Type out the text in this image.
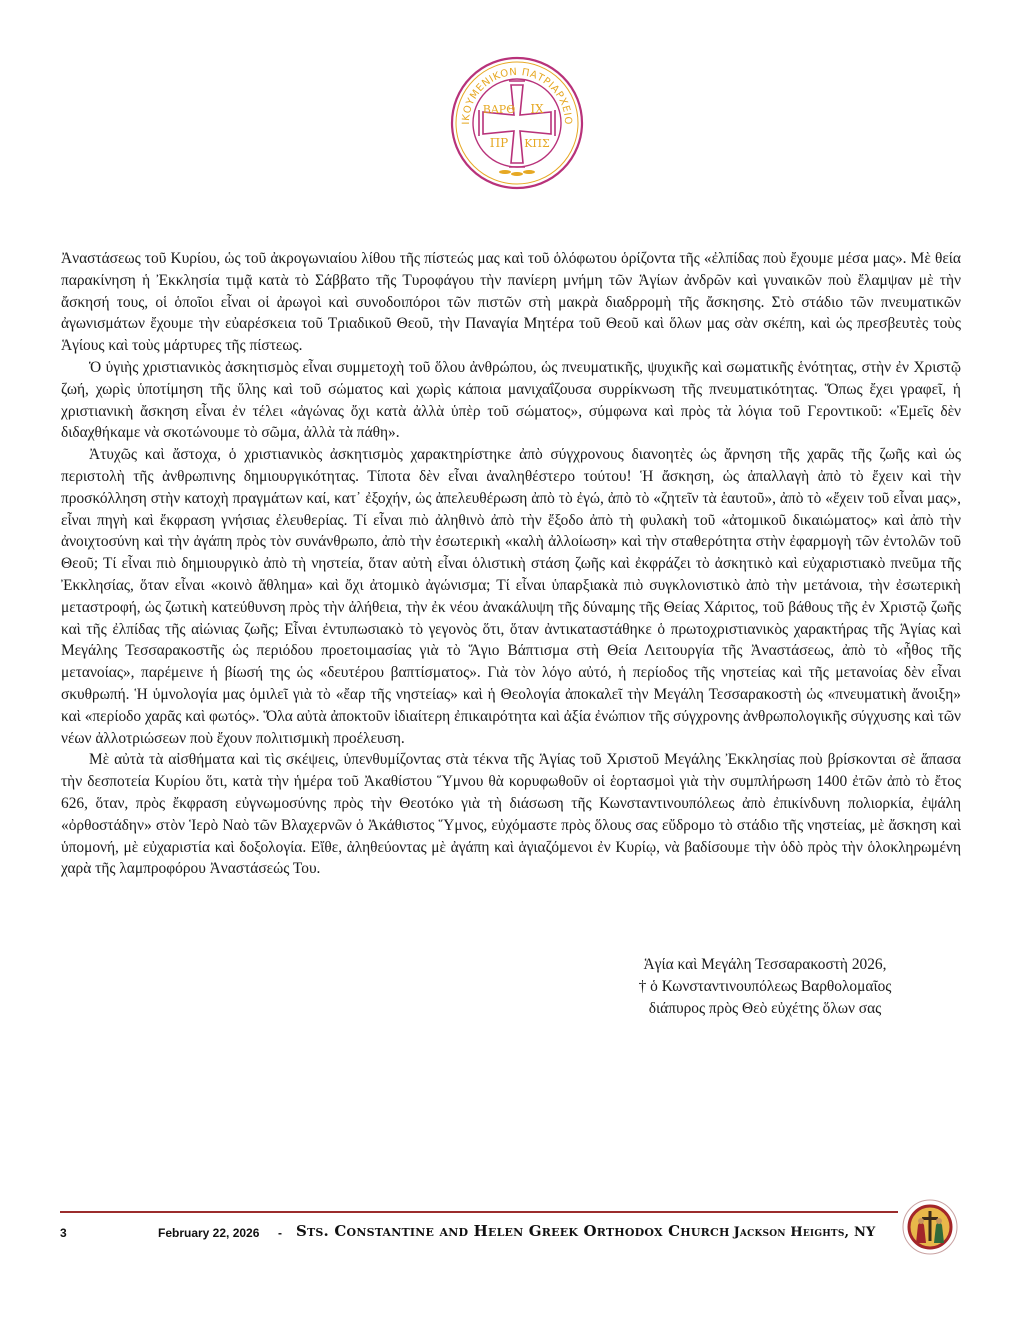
ΙΚΟΥΜΕΝΙΚΟΝ ΠΑΤΡΙΑΡΧΕΙΟ
ΒΑΡΘ ΙΧ
ΠΡ ΚΠΣ

Ἀναστάσεως τοῦ Κυρίου, ὡς τοῦ ἀκρογωνιαίου λίθου τῆς πίστεώς μας καὶ τοῦ ὁλόφωτου ὁρίζοντα τῆς «ἐλπίδας ποὺ ἔχουμε μέσα μας». Μὲ θεία παρακίνηση ἡ Ἐκκλησία τιμᾷ κατὰ τὸ Σάββατο τῆς Τυροφάγου τὴν πανίερη μνήμη τῶν Ἁγίων ἀνδρῶν καὶ γυναικῶν ποὺ ἔλαμψαν μὲ τὴν ἄσκησή τους, οἱ ὁποῖοι εἶναι οἱ ἀρωγοὶ καὶ συνοδοιπόροι τῶν πιστῶν στὴ μακρὰ διαδρρομὴ τῆς ἄσκησης. Στὸ στάδιο τῶν πνευματικῶν ἀγωνισμάτων ἔχουμε τὴν εὐαρέσκεια τοῦ Τριαδικοῦ Θεοῦ, τὴν Παναγία Μητέρα τοῦ Θεοῦ καὶ ὅλων μας σὰν σκέπη, καὶ ὡς πρεσβευτὲς τοὺς Ἁγίους καὶ τοὺς μάρτυρες τῆς πίστεως.

Ὁ ὑγιὴς χριστιανικὸς ἀσκητισμὸς εἶναι συμμετοχὴ τοῦ ὅλου ἀνθρώπου, ὡς πνευματικῆς, ψυχικῆς καὶ σωματικῆς ἑνότητας, στὴν ἐν Χριστῷ ζωή, χωρὶς ὑποτίμηση τῆς ὕλης καὶ τοῦ σώματος καὶ χωρὶς κάποια μανιχαΐζουσα συρρίκνωση τῆς πνευματικότητας. Ὅπως ἔχει γραφεῖ, ἡ χριστιανικὴ ἄσκηση εἶναι ἐν τέλει «ἀγώνας ὄχι κατὰ ἀλλὰ ὑπὲρ τοῦ σώματος», σύμφωνα καὶ πρὸς τὰ λόγια τοῦ Γεροντικοῦ: «Ἐμεῖς δὲν διδαχθήκαμε νὰ σκοτώνουμε τὸ σῶμα, ἀλλὰ τὰ πάθη».

Ἀτυχῶς καὶ ἄστοχα, ὁ χριστιανικὸς ἀσκητισμὸς χαρακτηρίστηκε ἀπὸ σύγχρονους διανοητὲς ὡς ἄρνηση τῆς χαρᾶς τῆς ζωῆς καὶ ὡς περιστολὴ τῆς ἀνθρωπινης δημιουργικότητας. Τίποτα δὲν εἶναι ἀναληθέστερο τούτου! Ἡ ἄσκηση, ὡς ἀπαλλαγὴ ἀπὸ τὸ ἔχειν καὶ τὴν προσκόλληση στὴν κατοχὴ πραγμάτων καί, κατ᾽ ἐξοχήν, ὡς ἀπελευθέρωση ἀπὸ τὸ ἐγώ, ἀπὸ τὸ «ζητεῖν τὰ ἑαυτοῦ», ἀπὸ τὸ «ἔχειν τοῦ εἶναι μας», εἶναι πηγὴ καὶ ἔκφραση γνήσιας ἐλευθερίας. Τί εἶναι πιὸ ἀληθινὸ ἀπὸ τὴν ἔξοδο ἀπὸ τὴ φυλακὴ τοῦ «ἀτομικοῦ δικαιώματος» καὶ ἀπὸ τὴν ἀνοιχτοσύνη καὶ τὴν ἀγάπη πρὸς τὸν συνάνθρωπο, ἀπὸ τὴν ἐσωτερικὴ «καλὴ ἀλλοίωση» καὶ τὴν σταθερότητα στὴν ἐφαρμογὴ τῶν ἐντολῶν τοῦ Θεοῦ; Τί εἶναι πιὸ δημιουργικὸ ἀπὸ τὴ νηστεία, ὅταν αὐτὴ εἶναι ὁλιστικὴ στάση ζωῆς καὶ ἐκφράζει τὸ ἀσκητικὸ καὶ εὐχαριστιακὸ πνεῦμα τῆς Ἐκκλησίας, ὅταν εἶναι «κοινὸ ἄθλημα» καὶ ὄχι ἀτομικὸ ἀγώνισμα; Τί εἶναι ὑπαρξιακὰ πιὸ συγκλονιστικὸ ἀπὸ τὴν μετάνοια, τὴν ἐσωτερικὴ μεταστροφή, ὡς ζωτικὴ κατεύθυνση πρὸς τὴν ἀλήθεια, τὴν ἐκ νέου ἀνακάλυψη τῆς δύναμης τῆς Θείας Χάριτος, τοῦ βάθους τῆς ἐν Χριστῷ ζωῆς καὶ τῆς ἐλπίδας τῆς αἰώνιας ζωῆς; Εἶναι ἐντυπωσιακὸ τὸ γεγονὸς ὅτι, ὅταν ἀντικαταστάθηκε ὁ πρωτοχριστιανικὸς χαρακτήρας τῆς Ἁγίας καὶ Μεγάλης Τεσσαρακοστῆς ὡς περιόδου προετοιμασίας γιὰ τὸ Ἅγιο Βάπτισμα στὴ Θεία Λειτουργία τῆς Ἀναστάσεως, ἀπὸ τὸ «ἦθος τῆς μετανοίας», παρέμεινε ἡ βίωσή της ὡς «δευτέρου βαπτίσματος». Γιὰ τὸν λόγο αὐτό, ἡ περίοδος τῆς νηστείας καὶ τῆς μετανοίας δὲν εἶναι σκυθρωπή. Ἡ ὑμνολογία μας ὁμιλεῖ γιὰ τὸ «ἔαρ τῆς νηστείας» καὶ ἡ Θεολογία ἀποκαλεῖ τὴν Μεγάλη Τεσσαρακοστὴ ὡς «πνευματικὴ ἄνοιξη» καὶ «περίοδο χαρᾶς καὶ φωτός». Ὅλα αὐτὰ ἀποκτοῦν ἰδιαίτερη ἐπικαιρότητα καὶ ἀξία ἐνώπιον τῆς σύγχρονης ἀνθρωπολογικῆς σύγχυσης καὶ τῶν νέων ἀλλοτριώσεων ποὺ ἔχουν πολιτισμικὴ προέλευση.

Μὲ αὐτὰ τὰ αἰσθήματα καὶ τὶς σκέψεις, ὑπενθυμίζοντας στὰ τέκνα τῆς Ἁγίας τοῦ Χριστοῦ Μεγάλης Ἐκκλησίας ποὺ βρίσκονται σὲ ἅπασα τὴν δεσποτεία Κυρίου ὅτι, κατὰ τὴν ἡμέρα τοῦ Ἀκαθίστου Ὕμνου θὰ κορυφωθοῦν οἱ ἑορτασμοὶ γιὰ τὴν συμπλήρωση 1400 ἐτῶν ἀπὸ τὸ ἔτος 626, ὅταν, πρὸς ἔκφραση εὐγνωμοσύνης πρὸς τὴν Θεοτόκο γιὰ τὴ διάσωση τῆς Κωνσταντινουπόλεως ἀπὸ ἐπικίνδυνη πολιορκία, ἐψάλη «ὀρθοστάδην» στὸν Ἱερὸ Ναὸ τῶν Βλαχερνῶν ὁ Ἀκάθιστος Ὕμνος, εὐχόμαστε πρὸς ὅλους σας εὔδρομο τὸ στάδιο τῆς νηστείας, μὲ ἄσκηση καὶ ὑπομονή, μὲ εὐχαριστία καὶ δοξολογία. Εἴθε, ἀληθεύοντας μὲ ἀγάπη καὶ ἁγιαζόμενοι ἐν Κυρίῳ, νὰ βαδίσουμε τὴν ὁδὸ πρὸς τὴν ὁλοκληρωμένη χαρὰ τῆς λαμπροφόρου Ἀναστάσεώς Του.

Ἁγία καὶ Μεγάλη Τεσσαρακοστὴ 2026,
† ὁ Κωνσταντινουπόλεως Βαρθολομαῖος
διάπυρος πρὸς Θεὸ εὐχέτης ὅλων σας
3	February 22, 2026 - Sts. Constantine and Helen Greek Orthodox Church Jackson Heights, NY
